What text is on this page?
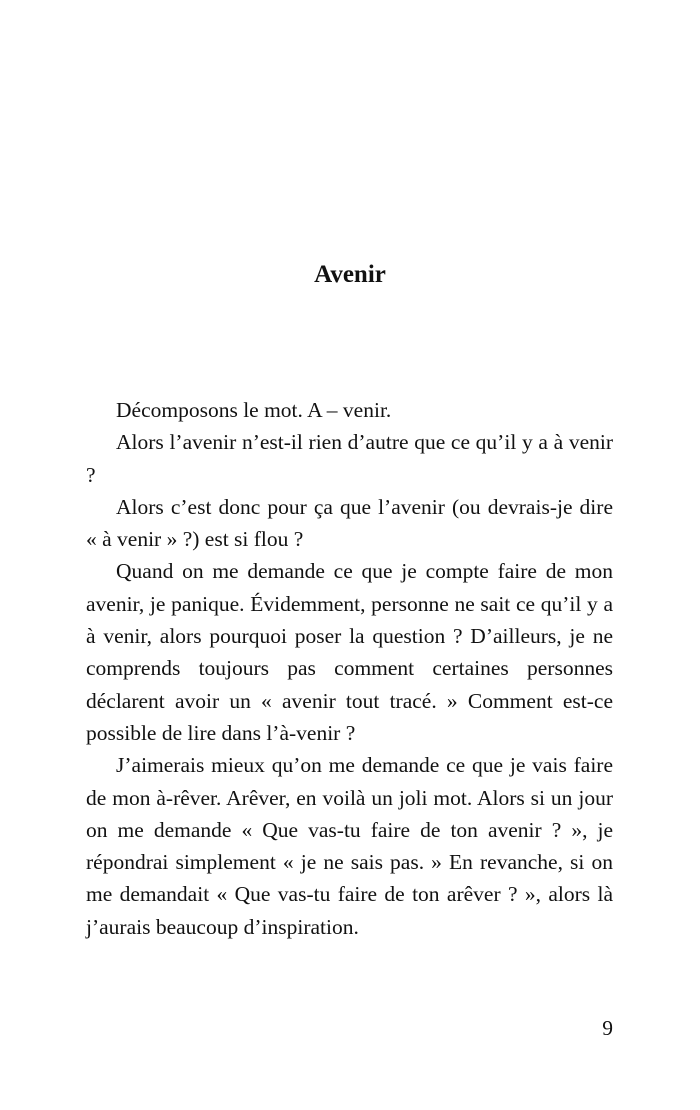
Avenir

Décomposons le mot. A – venir.

Alors l’avenir n’est-il rien d’autre que ce qu’il y a à venir ?

Alors c’est donc pour ça que l’avenir (ou devrais-je dire « à venir » ?) est si flou ?

Quand on me demande ce que je compte faire de mon avenir, je panique. Évidemment, personne ne sait ce qu’il y a à venir, alors pourquoi poser la question ? D’ailleurs, je ne comprends toujours pas comment certaines personnes déclarent avoir un « avenir tout tracé. » Comment est-ce possible de lire dans l’à-venir ?

J’aimerais mieux qu’on me demande ce que je vais faire de mon à-rêver. Arêver, en voilà un joli mot. Alors si un jour on me demande « Que vas-tu faire de ton avenir ? », je répondrai simplement « je ne sais pas. » En revanche, si on me demandait « Que vas-tu faire de ton arêver ? », alors là j’aurais beaucoup d’inspiration.

9
